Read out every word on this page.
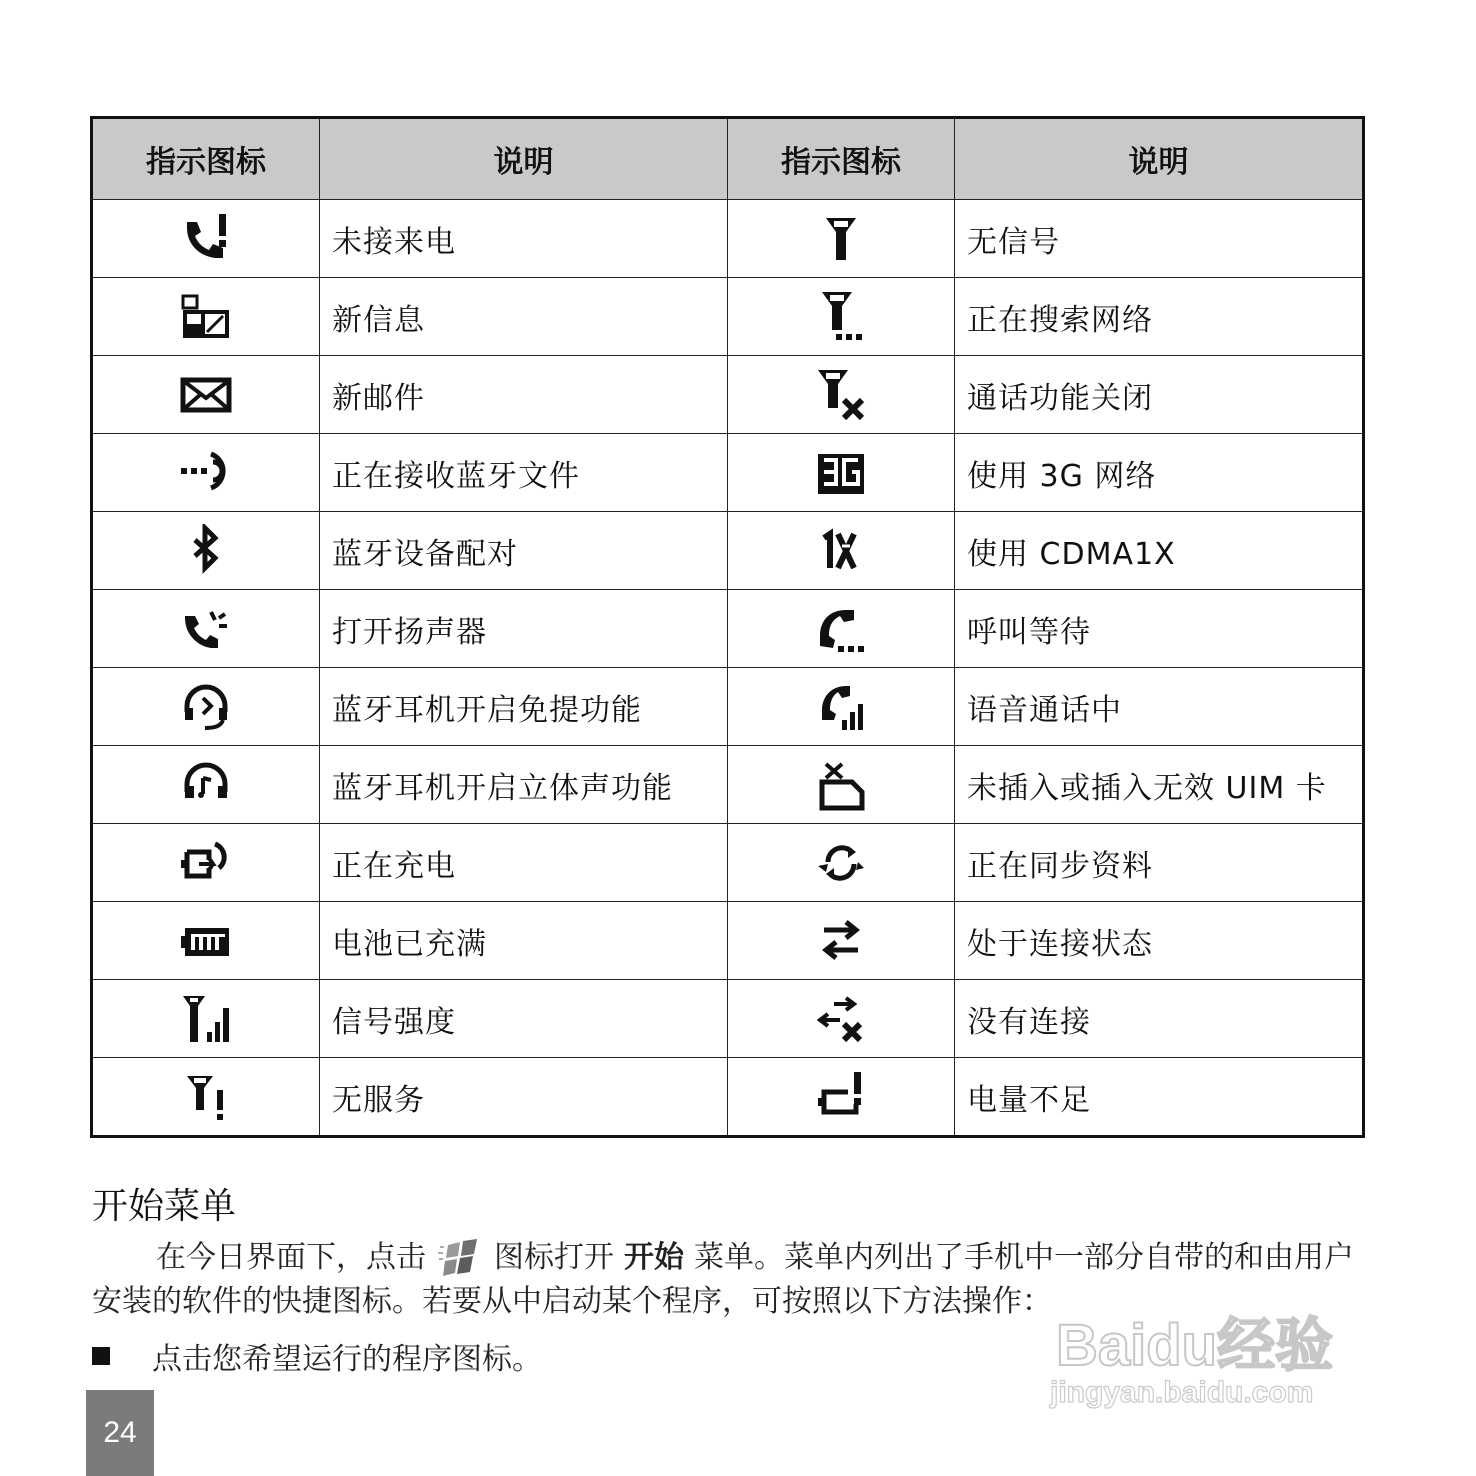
指示图标	说明	指示图标	说明
	未接来电		无信号
	新信息		正在搜索网络
	新邮件		通话功能关闭
	正在接收蓝牙文件		使用 3G 网络
	蓝牙设备配对		使用 CDMA1X
	打开扬声器		呼叫等待
	蓝牙耳机开启免提功能		语音通话中
	蓝牙耳机开启立体声功能		未插入或插入无效 UIM 卡
	正在充电		正在同步资料
	电池已充满		处于连接状态
	信号强度		没有连接
	无服务		电量不足
开始菜单

在今日界面下，点击 图标打开 开始 菜单。菜单内列出了手机中一部分自带的和由用户安装的软件的快捷图标。若要从中启动某个程序，可按照以下方法操作：

点击您希望运行的程序图标。
24
Baidu经验
jingyan.baidu.com
